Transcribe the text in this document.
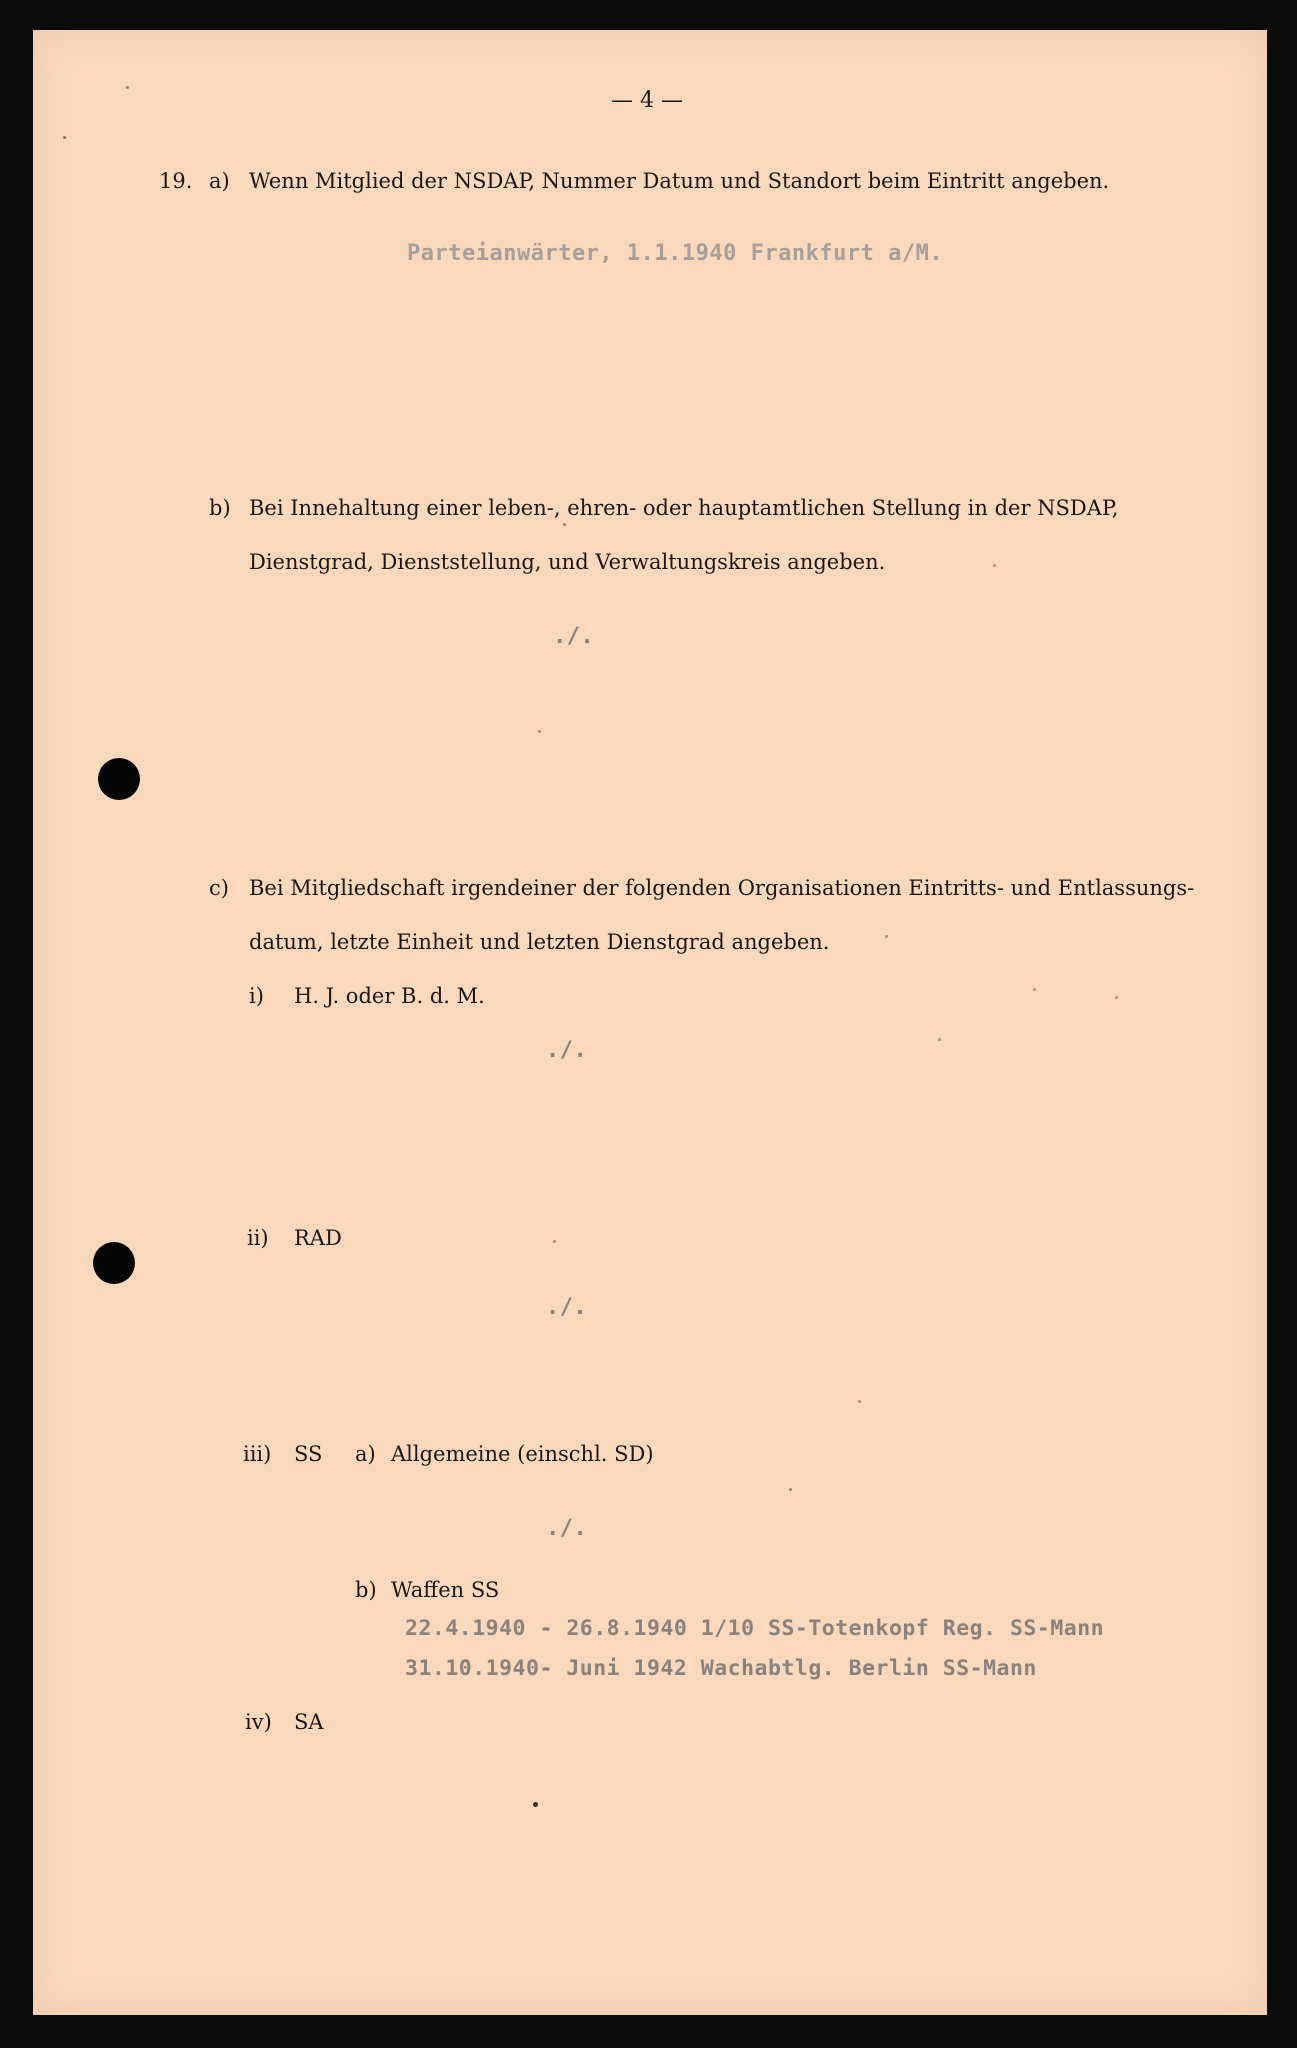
— 4 —
19. a) Wenn Mitglied der NSDAP, Nummer Datum und Standort beim Eintritt angeben.
Parteianwärter, 1.1.1940 Frankfurt a/M.
b) Bei Innehaltung einer leben-, ehren- oder hauptamtlichen Stellung in der NSDAP,
Dienstgrad, Dienststellung, und Verwaltungskreis angeben.
./.
c) Bei Mitgliedschaft irgendeiner der folgenden Organisationen Eintritts- und Entlassungs-
datum, letzte Einheit und letzten Dienstgrad angeben.
i) H. J. oder B. d. M.
./.
ii) RAD
./.
iii) SS a) Allgemeine (einschl. SD)
./.
b) Waffen SS
22.4.1940 - 26.8.1940 1/10 SS-Totenkopf Reg. SS-Mann
31.10.1940- Juni 1942 Wachabtlg. Berlin SS-Mann
iv) SA
